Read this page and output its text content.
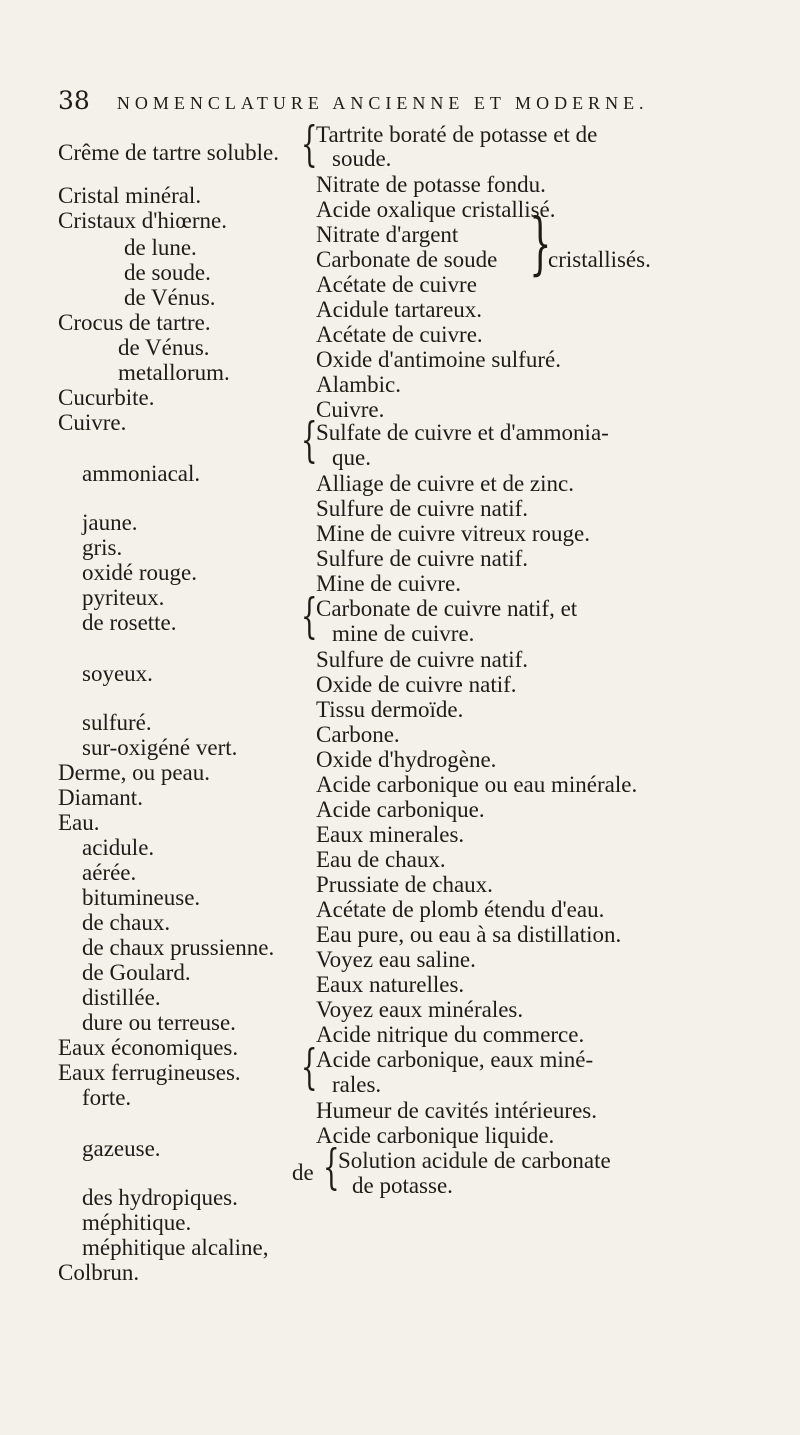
38 NOMENCLATURE ANCIENNE ET MODERNE.
Crême de tartre soluble.
Cristal minéral.
Cristaux d'hiœrne.
de lune.
de soude.
de Vénus.
Crocus de tartre.
de Vénus.
metallorum.
Cucurbite.
Cuivre.
ammoniacal.
jaune.
gris.
oxidé rouge.
pyriteux.
de rosette.
soyeux.
sulfuré.
sur-oxigéné vert.
Derme, ou peau.
Diamant.
Eau.
acidule.
aérée.
bitumineuse.
de chaux.
de chaux prussienne.
de Goulard.
distillée.
dure ou terreuse.
Eaux économiques.
Eaux ferrugineuses.
forte.
gazeuse.
des hydropiques.
méphitique.
méphitique alcaline,
Colbrun.
{
Tartrite boraté de potasse et de
soude.
Nitrate de potasse fondu.
Acide oxalique cristallisé.
Nitrate d'argent
Carbonate de soude
Acétate de cuivre {
cristallisés.
Acidule tartareux.
Acétate de cuivre.
Oxide d'antimoine sulfuré.
Alambic.
Cuivre.
{
Sulfate de cuivre et d'ammonia-
que.
Alliage de cuivre et de zinc.
Sulfure de cuivre natif.
Mine de cuivre vitreux rouge.
Sulfure de cuivre natif.
Mine de cuivre.
{
Carbonate de cuivre natif, et
mine de cuivre.
Sulfure de cuivre natif.
Oxide de cuivre natif.
Tissu dermoïde.
Carbone.
Oxide d'hydrogène.
Acide carbonique ou eau minérale.
Acide carbonique.
Eaux minerales.
Eau de chaux.
Prussiate de chaux.
Acétate de plomb étendu d'eau.
Eau pure, ou eau à sa distillation.
Voyez eau saline.
Eaux naturelles.
Voyez eaux minérales.
Acide nitrique du commerce.
{
Acide carbonique, eaux miné-
rales.
Humeur de cavités intérieures.
Acide carbonique liquide.
de {
Solution acidule de carbonate
de potasse.
